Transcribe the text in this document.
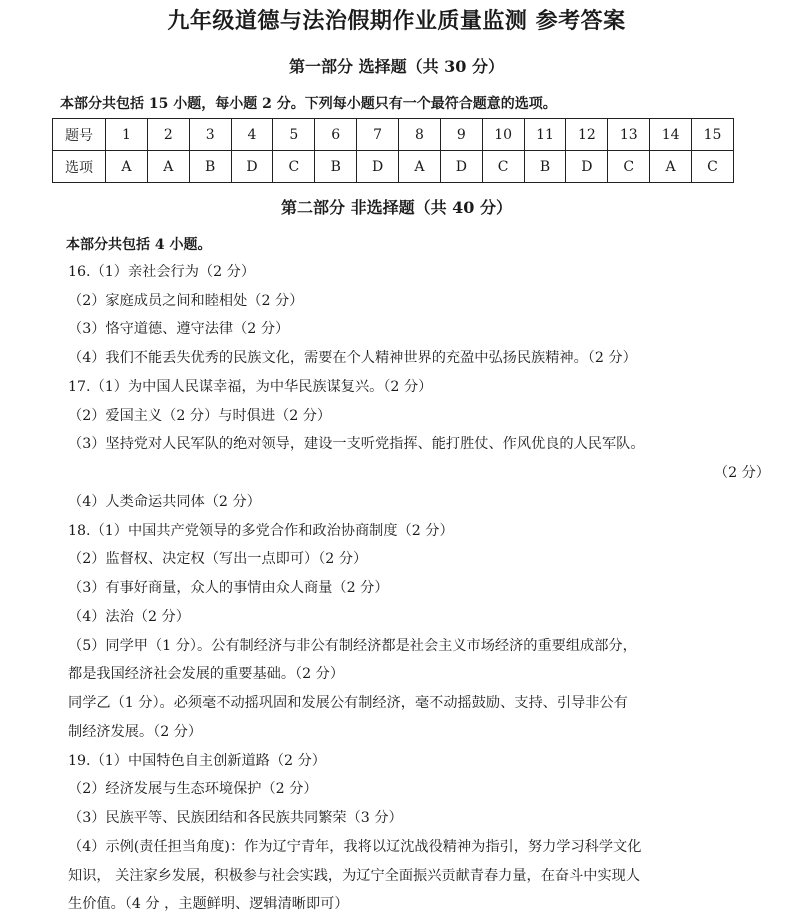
九年级道德与法治假期作业质量监测 参考答案
第一部分 选择题（共 30 分）
本部分共包括 15 小题，每小题 2 分。下列每小题只有一个最符合题意的选项。
题号	1	2	3	4	5	6	7	8	9	10	11	12	13	14	15
选项	A	A	B	D	C	B	D	A	D	C	B	D	C	A	C
第二部分 非选择题（共 40 分）
本部分共包括 4 小题。
16.（1）亲社会行为（2 分）
（2）家庭成员之间和睦相处（2 分）
（3）恪守道德、遵守法律（2 分）
（4）我们不能丢失优秀的民族文化，需要在个人精神世界的充盈中弘扬民族精神。（2 分）
17.（1）为中国人民谋幸福，为中华民族谋复兴。（2 分）
（2）爱国主义（2 分）与时俱进（2 分）
（3）坚持党对人民军队的绝对领导，建设一支听党指挥、能打胜仗、作风优良的人民军队。
（2 分）
（4）人类命运共同体（2 分）
18.（1）中国共产党领导的多党合作和政治协商制度（2 分）
（2）监督权、决定权（写出一点即可）（2 分）
（3）有事好商量，众人的事情由众人商量（2 分）
（4）法治（2 分）
（5）同学甲（1 分）。公有制经济与非公有制经济都是社会主义市场经济的重要组成部分，
都是我国经济社会发展的重要基础。（2 分）
同学乙（1 分）。必须毫不动摇巩固和发展公有制经济，毫不动摇鼓励、支持、引导非公有
制经济发展。（2 分）
19.（1）中国特色自主创新道路（2 分）
（2）经济发展与生态环境保护（2 分）
（3）民族平等、民族团结和各民族共同繁荣（3 分）
（4）示例(责任担当角度)：作为辽宁青年，我将以辽沈战役精神为指引，努力学习科学文化
知识， 关注家乡发展，积极参与社会实践，为辽宁全面振兴贡献青春力量，在奋斗中实现人
生价值。（4 分 ，主题鲜明、逻辑清晰即可）
